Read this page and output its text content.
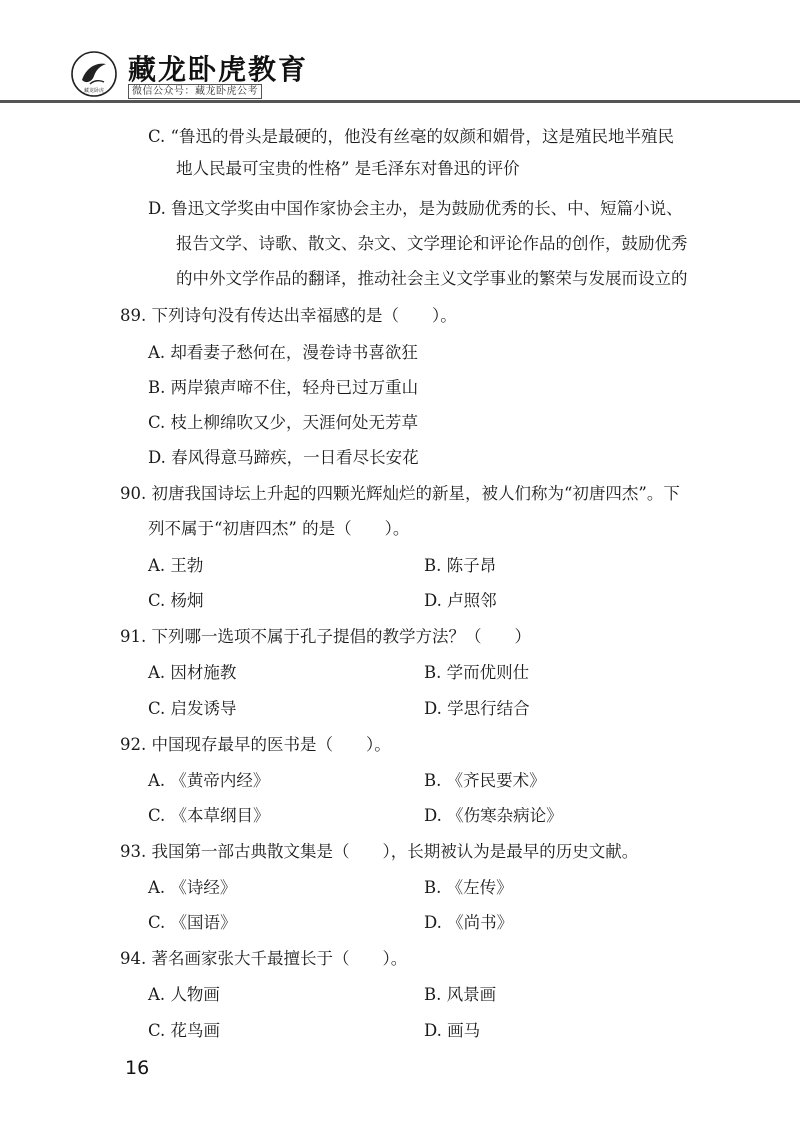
藏龙卧虎
藏龙卧虎教育
微信公众号：藏龙卧虎公考
C. “鲁迅的骨头是最硬的，他没有丝毫的奴颜和媚骨，这是殖民地半殖民
地人民最可宝贵的性格” 是毛泽东对鲁迅的评价
D. 鲁迅文学奖由中国作家协会主办，是为鼓励优秀的长、中、短篇小说、
报告文学、诗歌、散文、杂文、文学理论和评论作品的创作，鼓励优秀
的中外文学作品的翻译，推动社会主义文学事业的繁荣与发展而设立的
89. 下列诗句没有传达出幸福感的是（　　）。
A. 却看妻子愁何在，漫卷诗书喜欲狂
B. 两岸猿声啼不住，轻舟已过万重山
C. 枝上柳绵吹又少，天涯何处无芳草
D. 春风得意马蹄疾，一日看尽长安花
90. 初唐我国诗坛上升起的四颗光辉灿烂的新星，被人们称为“初唐四杰”。下
列不属于“初唐四杰” 的是（　　）。
A. 王勃	B. 陈子昂
C. 杨炯	D. 卢照邻
91. 下列哪一选项不属于孔子提倡的教学方法？（　　）
A. 因材施教	B. 学而优则仕
C. 启发诱导	D. 学思行结合
92. 中国现存最早的医书是（　　）。
A. 《黄帝内经》	B. 《齐民要术》
C. 《本草纲目》	D. 《伤寒杂病论》
93. 我国第一部古典散文集是（　　），长期被认为是最早的历史文献。
A. 《诗经》	B. 《左传》
C. 《国语》	D. 《尚书》
94. 著名画家张大千最擅长于（　　）。
A. 人物画	B. 风景画
C. 花鸟画	D. 画马
16
